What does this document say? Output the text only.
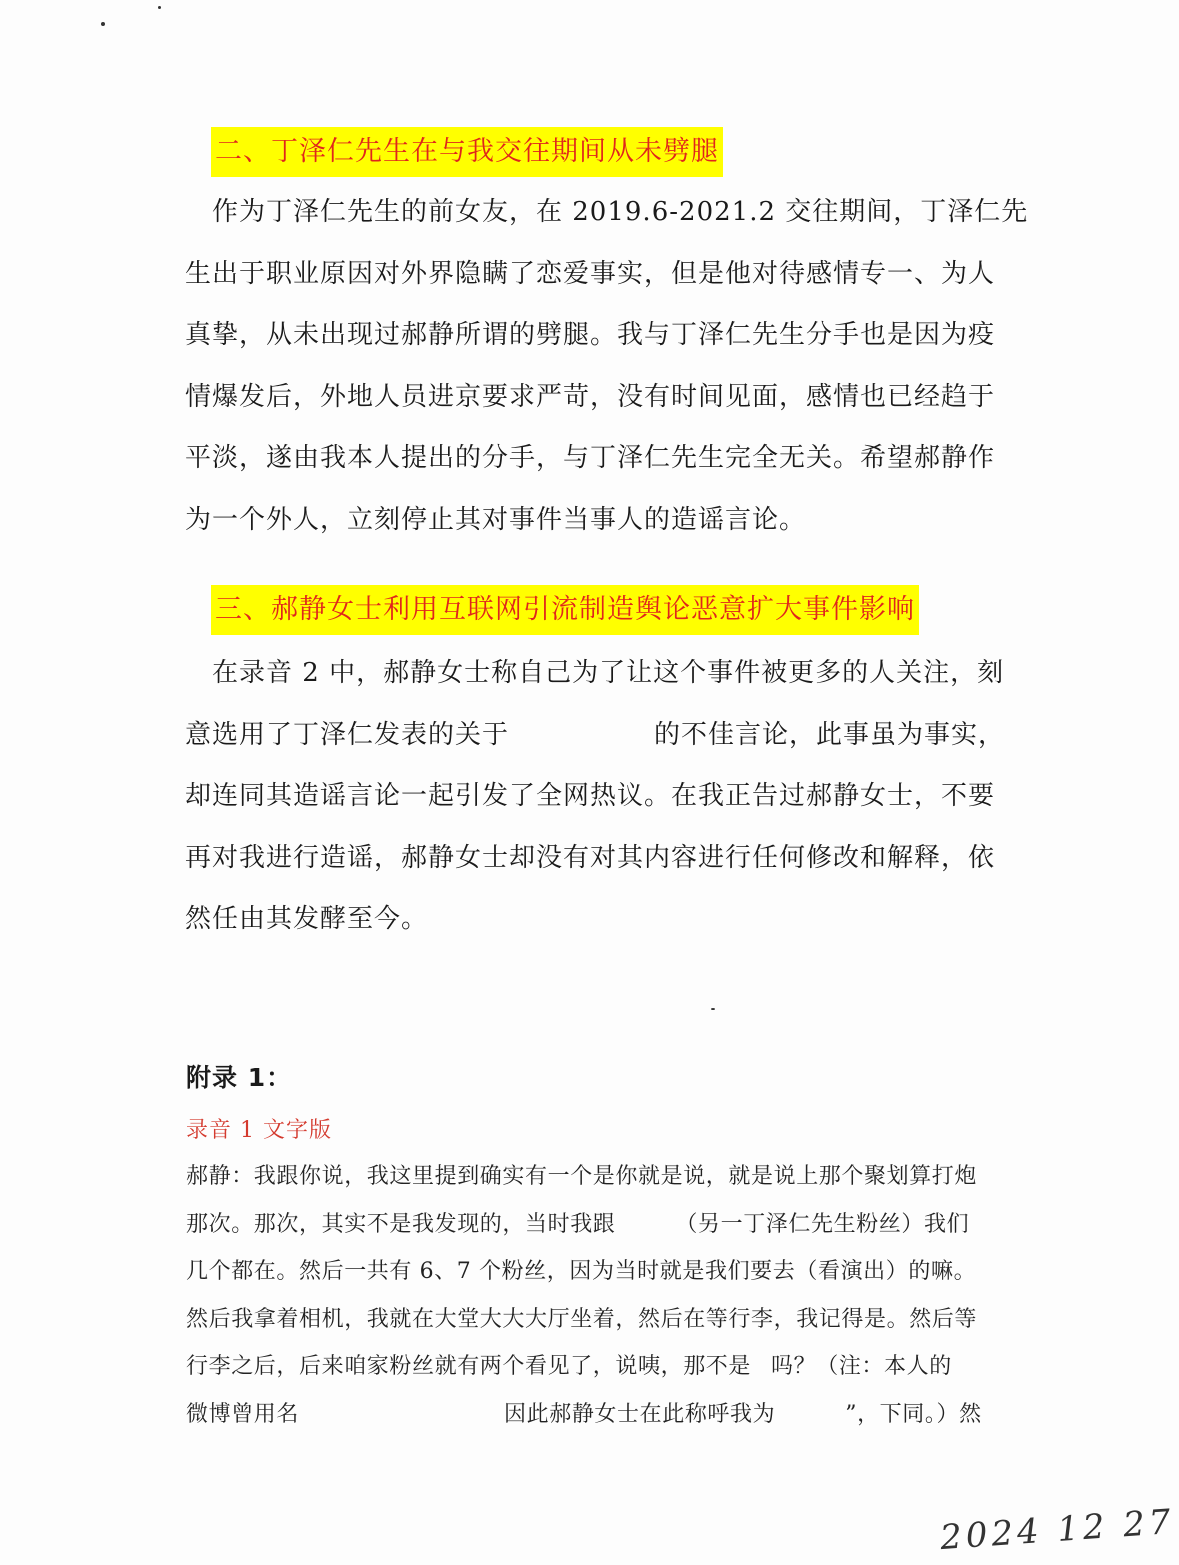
二、丁泽仁先生在与我交往期间从未劈腿

作为丁泽仁先生的前女友，在 2019.6-2021.2 交往期间，丁泽仁先
生出于职业原因对外界隐瞒了恋爱事实，但是他对待感情专一、为人
真挚，从未出现过郝静所谓的劈腿。我与丁泽仁先生分手也是因为疫
情爆发后，外地人员进京要求严苛，没有时间见面，感情也已经趋于
平淡，遂由我本人提出的分手，与丁泽仁先生完全无关。希望郝静作
为一个外人，立刻停止其对事件当事人的造谣言论。

三、郝静女士利用互联网引流制造舆论恶意扩大事件影响

在录音 2 中，郝静女士称自己为了让这个事件被更多的人关注，刻
意选用了丁泽仁发表的关于	的不佳言论，此事虽为事实，
却连同其造谣言论一起引发了全网热议。在我正告过郝静女士，不要
再对我进行造谣，郝静女士却没有对其内容进行任何修改和解释，依
然任由其发酵至今。

附录 1：
录音 1 文字版
郝静：我跟你说，我这里提到确实有一个是你就是说，就是说上那个聚划算打炮
那次。那次，其实不是我发现的，当时我跟	（另一丁泽仁先生粉丝）我们
几个都在。然后一共有 6、7 个粉丝，因为当时就是我们要去（看演出）的嘛。
然后我拿着相机，我就在大堂大大大厅坐着，然后在等行李，我记得是。然后等
行李之后，后来咱家粉丝就有两个看见了，说咦，那不是 吗？（注：本人的
微博曾用名	因此郝静女士在此称呼我为	”，下同。）然
2024 12 27
